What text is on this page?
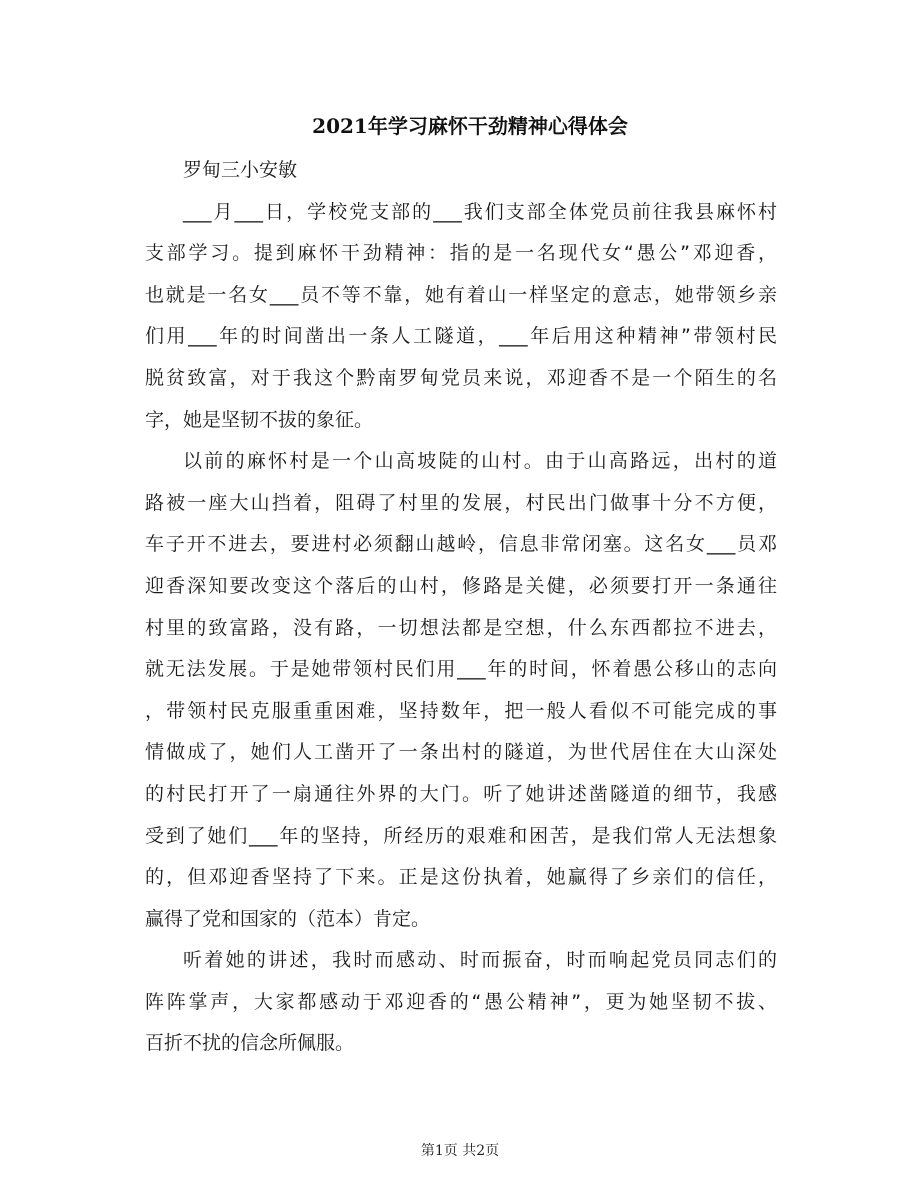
2021年学习麻怀干劲精神心得体会
罗甸三小安敏
___月___日，学校党支部的___我们支部全体党员前往我县麻怀村
支部学习。提到麻怀干劲精神：指的是一名现代女“愚公”邓迎香，
也就是一名女___员不等不靠，她有着山一样坚定的意志，她带领乡亲
们用___年的时间凿出一条人工隧道，___年后用这种精神”带领村民
脱贫致富，对于我这个黔南罗甸党员来说，邓迎香不是一个陌生的名
字，她是坚韧不拔的象征。
以前的麻怀村是一个山高坡陡的山村。由于山高路远，出村的道
路被一座大山挡着，阻碍了村里的发展，村民出门做事十分不方便，
车子开不进去，要进村必须翻山越岭，信息非常闭塞。这名女___员邓
迎香深知要改变这个落后的山村，修路是关健，必须要打开一条通往
村里的致富路，没有路，一切想法都是空想，什么东西都拉不进去，
就无法发展。于是她带领村民们用___年的时间，怀着愚公移山的志向
，带领村民克服重重困难，坚持数年，把一般人看似不可能完成的事
情做成了，她们人工凿开了一条出村的隧道，为世代居住在大山深处
的村民打开了一扇通往外界的大门。听了她讲述凿隧道的细节，我感
受到了她们___年的坚持，所经历的艰难和困苦，是我们常人无法想象
的，但邓迎香坚持了下来。正是这份执着，她赢得了乡亲们的信任，
赢得了党和国家的（范本）肯定。
听着她的讲述，我时而感动、时而振奋，时而响起党员同志们的
阵阵掌声，大家都感动于邓迎香的“愚公精神”，更为她坚韧不拔、
百折不扰的信念所佩服。
第1页 共2页
